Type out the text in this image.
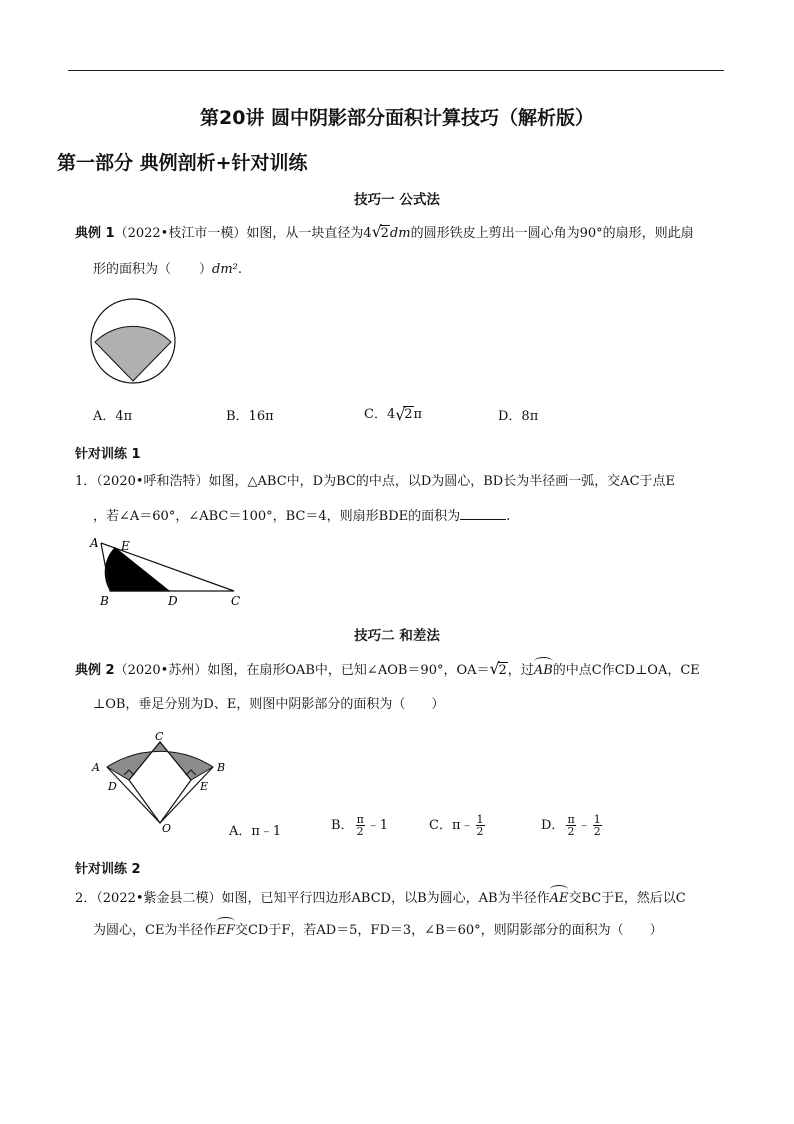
第20讲 圆中阴影部分面积计算技巧（解析版）
第一部分 典例剖析+针对训练
技巧一 公式法
典例 1（2022•枝江市一模）如图，从一块直径为4 √
2dm的圆形铁皮上剪出一圆心角为90°的扇形，则此扇
形的面积为（ ）dm².
A．4π	B．16π	C．4 √
2π	D．8π
针对训练 1
1．（2020•呼和浩特）如图，△ABC中，D为BC的中点，以D为圆心，BD长为半径画一弧，交AC于点E
，若∠A＝60°，∠ABC＝100°，BC＝4，则扇形BDE的面积为	.
A E
B	D	C
技巧二 和差法
典例 2（2020•苏州）如图，在扇形OAB中，已知∠AOB＝90°，OA＝ √
2，过AB的中点C作CD⊥OA，CE
⊥OB，垂足分别为D、E，则图中阴影部分的面积为（　　）
A	B
C
D	E
O	A．π﹣1	B． $\frac{\pi}{2}$ ﹣1	C．π﹣ $\frac{1}{2}$	D． $\frac{\pi}{2}$ ﹣ $\frac{1}{2}$
针对训练 2
2．（2022•紫金县二模）如图，已知平行四边形ABCD，以B为圆心，AB为半径作AE交BC于E，然后以C
为圆心，CE为半径作EF交CD于F，若AD＝5，FD＝3，∠B＝60°，则阴影部分的面积为（　　）
